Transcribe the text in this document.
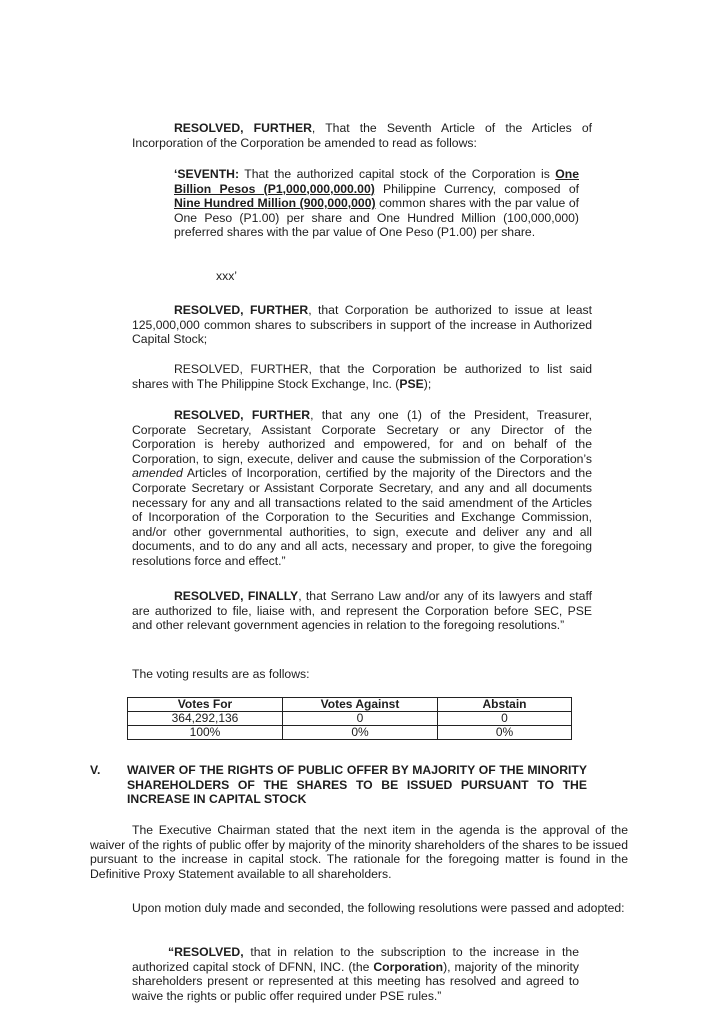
RESOLVED, FURTHER, That the Seventh Article of the Articles of Incorporation of the Corporation be amended to read as follows:

‘SEVENTH: That the authorized capital stock of the Corporation is One Billion Pesos (P1,000,000,000.00) Philippine Currency, composed of Nine Hundred Million (900,000,000) common shares with the par value of One Peso (P1.00) per share and One Hundred Million (100,000,000) preferred shares with the par value of One Peso (P1.00) per share.

xxx’

RESOLVED, FURTHER, that Corporation be authorized to issue at least 125,000,000 common shares to subscribers in support of the increase in Authorized Capital Stock;

RESOLVED, FURTHER, that the Corporation be authorized to list said shares with The Philippine Stock Exchange, Inc. (PSE);

RESOLVED, FURTHER, that any one (1) of the President, Treasurer, Corporate Secretary, Assistant Corporate Secretary or any Director of the Corporation is hereby authorized and empowered, for and on behalf of the Corporation, to sign, execute, deliver and cause the submission of the Corporation’s amended Articles of Incorporation, certified by the majority of the Directors and the Corporate Secretary or Assistant Corporate Secretary, and any and all documents necessary for any and all transactions related to the said amendment of the Articles of Incorporation of the Corporation to the Securities and Exchange Commission, and/or other governmental authorities, to sign, execute and deliver any and all documents, and to do any and all acts, necessary and proper, to give the foregoing resolutions force and effect.”

RESOLVED, FINALLY, that Serrano Law and/or any of its lawyers and staff are authorized to file, liaise with, and represent the Corporation before SEC, PSE and other relevant government agencies in relation to the foregoing resolutions.”

The voting results are as follows:

Votes For	Votes Against	Abstain
364,292,136	0	0
100%	0%	0%
V. WAIVER OF THE RIGHTS OF PUBLIC OFFER BY MAJORITY OF THE MINORITY SHAREHOLDERS OF THE SHARES TO BE ISSUED PURSUANT TO THE INCREASE IN CAPITAL STOCK

The Executive Chairman stated that the next item in the agenda is the approval of the waiver of the rights of public offer by majority of the minority shareholders of the shares to be issued pursuant to the increase in capital stock. The rationale for the foregoing matter is found in the Definitive Proxy Statement available to all shareholders.

Upon motion duly made and seconded, the following resolutions were passed and adopted:

“RESOLVED, that in relation to the subscription to the increase in the authorized capital stock of DFNN, INC. (the Corporation), majority of the minority shareholders present or represented at this meeting has resolved and agreed to waive the rights or public offer required under PSE rules.”
